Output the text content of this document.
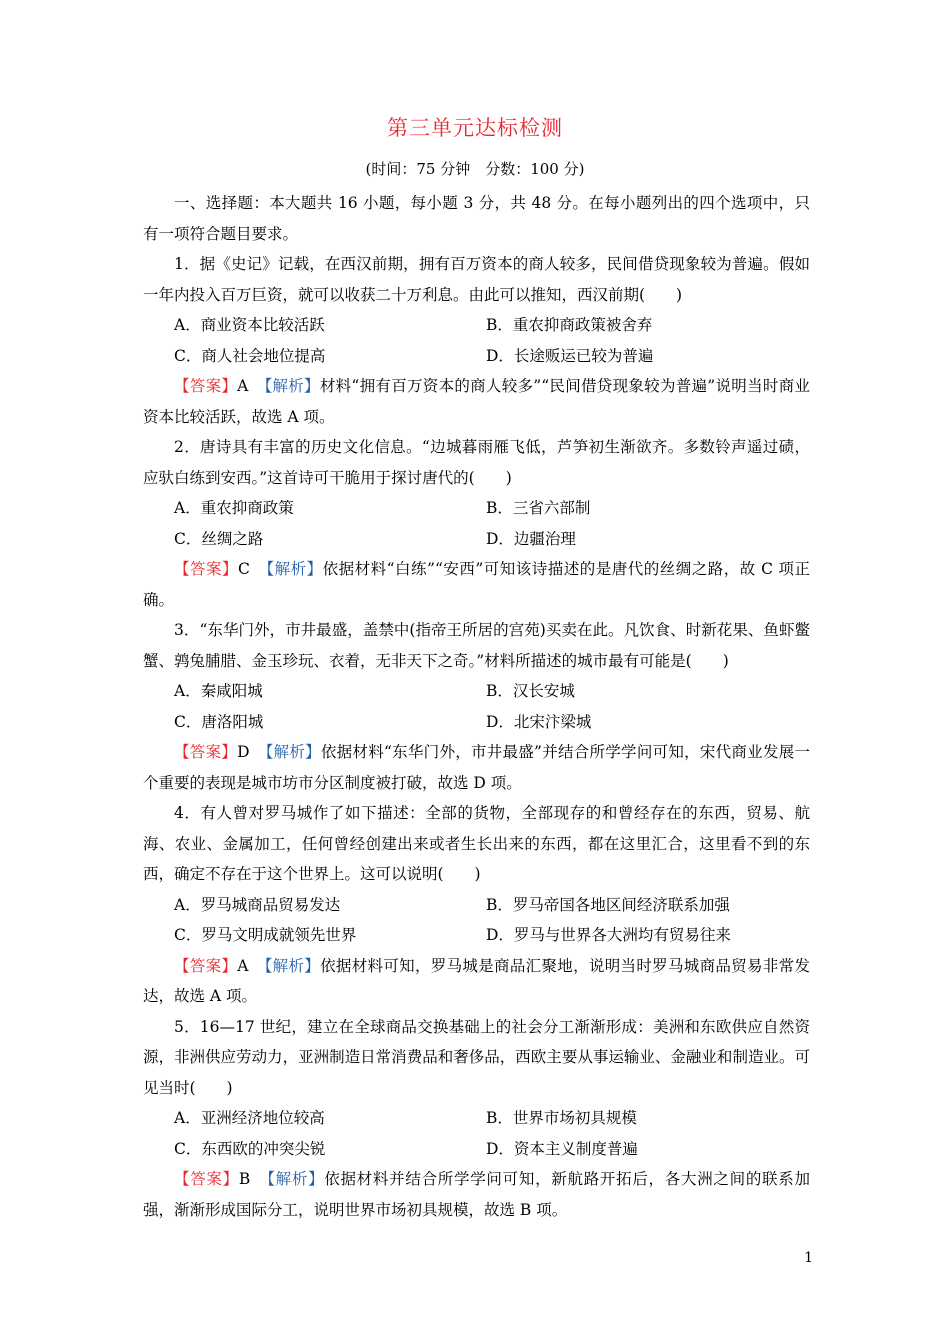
第三单元达标检测
(时间：75 分钟　分数：100 分)

一、选择题：本大题共 16 小题，每小题 3 分，共 48 分。在每小题列出的四个选项中，只有一项符合题目要求。

1．据《史记》记载，在西汉前期，拥有百万资本的商人较多，民间借贷现象较为普遍。假如一年内投入百万巨资，就可以收获二十万利息。由此可以推知，西汉前期(　　)

A．商业资本比较活跃	B．重农抑商政策被舍弃
C．商人社会地位提高	D．长途贩运已较为普遍

【答案】A　 【解析】材料“拥有百万资本的商人较多”“民间借贷现象较为普遍”说明当时商业资本比较活跃，故选 A 项。

2．唐诗具有丰富的历史文化信息。“边城暮雨雁飞低，芦笋初生渐欲齐。多数铃声遥过碛，应驮白练到安西。”这首诗可干脆用于探讨唐代的(　　)

A．重农抑商政策	B．三省六部制
C．丝绸之路	D．边疆治理

【答案】C　 【解析】依据材料“白练”“安西”可知该诗描述的是唐代的丝绸之路，故 C 项正确。

3．“东华门外，市井最盛，盖禁中(指帝王所居的宫苑)买卖在此。凡饮食、时新花果、鱼虾鳖蟹、鹑兔脯腊、金玉珍玩、衣着，无非天下之奇。”材料所描述的城市最有可能是(　　)

A．秦咸阳城	B．汉长安城
C．唐洛阳城	D．北宋汴梁城

【答案】D　 【解析】依据材料“东华门外，市井最盛”并结合所学学问可知，宋代商业发展一个重要的表现是城市坊市分区制度被打破，故选 D 项。

4．有人曾对罗马城作了如下描述：全部的货物，全部现存的和曾经存在的东西，贸易、航海、农业、金属加工，任何曾经创建出来或者生长出来的东西，都在这里汇合，这里看不到的东西，确定不存在于这个世界上。这可以说明(　　)

A．罗马城商品贸易发达	B．罗马帝国各地区间经济联系加强
C．罗马文明成就领先世界	D．罗马与世界各大洲均有贸易往来

【答案】A　 【解析】依据材料可知，罗马城是商品汇聚地，说明当时罗马城商品贸易非常发达，故选 A 项。

5．16—17 世纪，建立在全球商品交换基础上的社会分工渐渐形成：美洲和东欧供应自然资源，非洲供应劳动力，亚洲制造日常消费品和奢侈品，西欧主要从事运输业、金融业和制造业。可见当时(　　)

A．亚洲经济地位较高	B．世界市场初具规模
C．东西欧的冲突尖锐	D．资本主义制度普遍

【答案】B　 【解析】依据材料并结合所学学问可知，新航路开拓后，各大洲之间的联系加强，渐渐形成国际分工，说明世界市场初具规模，故选 B 项。

1
